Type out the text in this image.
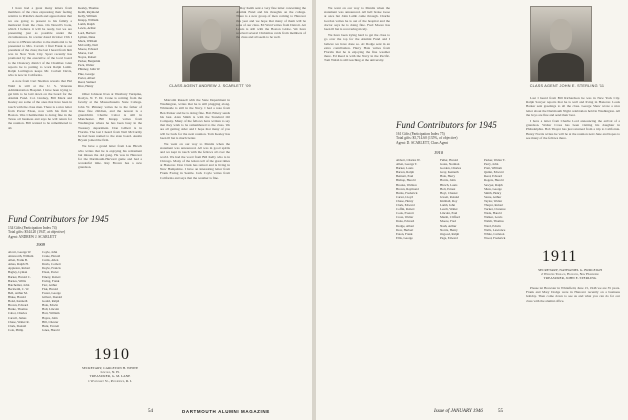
I have had a great many letters from members of the class expressing their feeling relative to Prindle's death and appreciation that we are going to present to his family a memorial from the class. On Newell's book, which I believe it will be ready, but we are presenting just as possible under the circumstances. In a letter dated October 15th I wrote to O'Brien relative to the memorial to be presented to Mrs. Carroll. I find Frank is our president of the class; the last I heard from him was in New York City. Sport recently has promoted by the executive of the local board to the Chancery district of the Chamber. Glen reports he is putting to work Ralph Lumb. Ralph Lurlington keeps Mr. Corbett Davis, who is now in California.

A note from Curt Sheldon reveals that Hal Wahl is still at the U. S. Veterans Administration Hospital. I have been trying to get him to be laid down on the board for the Alumni Fund. Col. Lindsey, Bill Mack and Keeley are some of the ones that have been in touch with the class men. There is a nice letter from Porter Elson, now with his firm in Boston. Wes Chamberlain is doing fine in the Texas oil business and says he will return for the reunion. Bill wanted to be remembered to all.

Fund Contributors for 1945
134 Gifts (Participation Index 74)
Total gifts: $544.20 (1947, at objective)
Agent: ANDREW J. SCARLETT
1909
Alcott, George W.
Ainsworth, William
Allen, Frank B.
Ames, Ralph H.
Appleton, Robert
Bagley, Lyman
Barker, Harold C.
Barnes, Willis
Batchelder, John
Beckwith, C. W.
Bell, Arthur M.
Blake, Harold
Bond, Kenneth
Brown, Edward
Burke, Thomas
Cabot, Charles
Carroll, James
Chase, Walter R.
Clark, Donald
Cole, Philip
Coyle, John
Crane, Harold
Curtis, Allen
Davis, Corbett
Doyle, Francis
Elson, Porter
Emery, Robert
Ewing, Frank
Farr, Arthur
Fisk, Harold
Foster, George
Gilbert, Donald
Gould, Ralph
Hale, Edwin
Hall, Lincoln
Hart, William
Hayes, John
Hill, Chester
Hunt, Everett
Jones, Harold
Keeley, Thomas
Keith, Raymond
Kelly, William
Knapp, William
Lamb, Ralph
Lewis, Arthur
Lord, Herbert
Lyman, Dana
Mack, William
McCarthy, Neil
Moore, Edward
Morse, Carl
Noyes, Robert
Parker, Benjamin
Peck, Walter
Phinney, John W.
Pike, George
Porter, Albert
Reed, Samuel
Rice, Henry

Other Johnson lives at Westbury Turnpike, Roslyn, N. Y. Dr. Crane is retiring from the faculty at the Massachusetts State College. John W. Phinney writes he is the father of three fine children, and the newest is a grandchild. Charlie Cabot is still in Manchester. Bill Knapp writes from Washington where he has been busy in the Treasury department. Don Gilbert is in Florida. The last I heard from Neil McCarthy he had been named to the state board. Austin Bryant joined the firm.

We have a grand letter from Lou Hirsch who writes that he is enjoying his retirement but misses the old gang. He was in Hanover for the Dartmouth-Harvard game and had a wonderful time. Ray Brown has a new grandson.

1910
SECRETARY, CARLETON H. WHITE
Lincoln, N. H.
TREASURER, G. M. LANE
1 Waybosset St., Providence, R. I.
CLASS AGENT ANDREW J. SCARLETT '09

Malcolm Russell with the State Department in Washington, writes that he is still plugging along. Whiteside is still in the Navy. I had a note from Ben Parker and he is doing fine. Bob Emery sends his best. Alan Smith is with the Standard Oil Company. Many of the fellows have written to say that they wish to be remembered to the class. We are all getting older and I hope that many of you will be back for the next reunion. Tom Keeley has been ill but is much better.

We went on our way to Manila when the statement was announced. All was in good spirits and we kept in touch with the fellows all over the world. We had the word from Bill Kelly who is in Chicago. Many of the letters tell of the great times at Hanover. Don Clark has retired and is living in New Hampshire. I have an interesting letter from Frank Ewing in Seattle. Jack Coyle writes from California and says that the weather is fine.

Ray Keith sent a very fine letter concerning the Alumni Fund and his thoughts on the college. There is a new group of men coming to Hanover this year and we hope that many of them will be sons of our class. Ed Ward writes from Detroit. Art Lewis is still with the Boston Globe. We have received several Christmas cards from members of the class and all seem to be well.

54	DARTMOUTH ALUMNI MAGAZINE

We went on our way to Manila when the statement was announced. All hell broke loose at once but John Lamb came through. Charlie Gordon writes he is out of the hospital and the doctor says he is doing fine. Fred Moore has been ill but is recovering nicely.

We have been trying hard to get the class to go over the top for the Alumni Fund and I believe we have done so. Al Dodge sent in an extra contribution. Harry Hale writes from Florida that he is enjoying the fine weather there. Ed Reed is with the Navy in the Pacific. Tom Walsh is still teaching at the university.

Fund Contributors for 1945
161 Gifts (Participation Index 75)
Total gifts: $5,714.60 (135%, of objective)
Agent: D. SCARLETT, Class Agent
1910
Abbott, Charles W.
Allen, George T.
Barker, Louis
Barton, Ralph
Bennett, Paul
Bishop, Harold
Brooks, Wallace
Brown, Raymond
Burns, Frederick
Carter, Lloyd
Chase, Henry
Clark, Edward
Coffin, Robert
Cook, Everett
Cross, Walter
Dana, Edward
Dodge, Albert
Dow, Herbert
Eaton, Frank
Ellis, George
Fuller, Harold
Gates, Norman
Gordon, Charles
Gray, Kenneth
Hale, Harry
Harris, John
Hirsch, Louis
Holt, Ernest
Hoyt, Chester
Jewett, Roland
Kimball, Roy
Lamb, John
Leach, Walter
Lincoln, Paul
Marsh, Clifford
Moore, Fred
Nash, Arthur
Norris, Henry
Osgood, Ralph
Page, Edward
Parker, Walter T.
Perry, John
Pratt, William
Quinn, Edward
Reed, Edward
Rogers, Harold
Sawyer, Ralph
Shaw, George
Smith, Henry
Stone, Arthur
Taylor, Walter
Thayer, Robert
Tucker, Clarence
Wade, Harold
Walker, Lewis
Walsh, Thomas
Ward, Edwin
Wells, Lawrence
White, Carleton
Wood, Frederick
CLASS AGENT JOHN E. STERLING '11
1911
SECRETARY, NATHANIEL G. BURLEIGH
2 Webster Terrace, Hanover, New Hampshire
TREASURER, JOHN E. STERLING

Please let Brewster in Whitefield, June 13, 1946 we are 35 years. Frank and Mary Dodge were in Hanover recently on a business holiday. Then come down to see us and what you can do for our class with the alumni office.

Last I heard from Bill Richardson he was in New York City. Ralph Sawyer reports that he is well and living in Hanover. Louis Barker sent greetings to all the class. George Shaw wrote a nice letter about the Dartmouth Night celebration held in Washington. All the boys are fine and send their best.

I have a letter from Charlie Lord announcing the arrival of a grandson. Walter Cross has been visiting his daughter in Philadelphia. Bob Thayer has just returned from a trip to California. Henry Norris writes he will be at the reunion next June and hopes to see many of the fellows there.

Issue of JANUARY 1946	55
